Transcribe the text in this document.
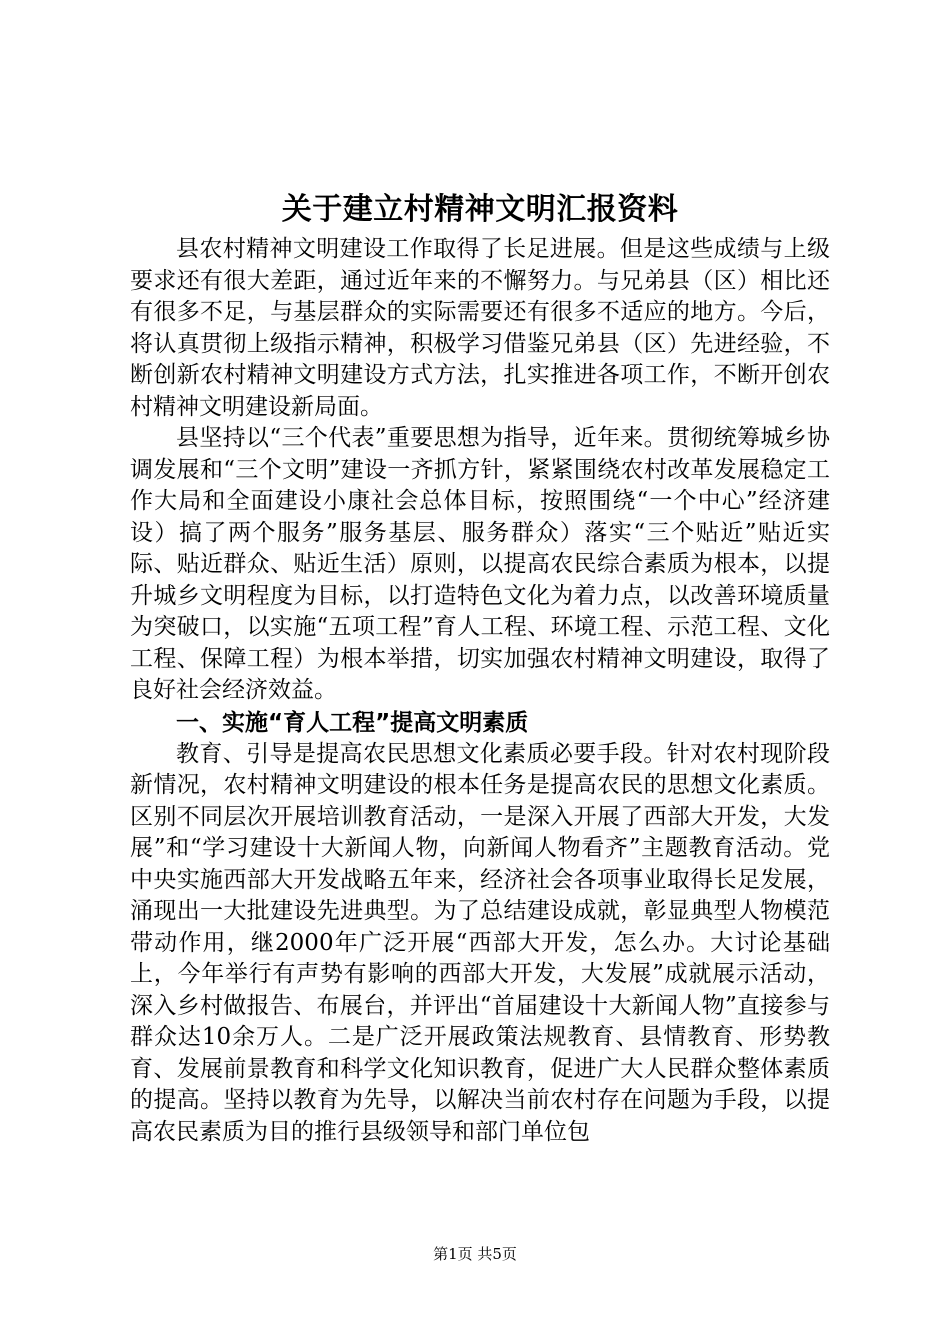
关于建立村精神文明汇报资料

县农村精神文明建设工作取得了长足进展。但是这些成绩与上级要求还有很大差距，通过近年来的不懈努力。与兄弟县（区）相比还有很多不足，与基层群众的实际需要还有很多不适应的地方。今后，将认真贯彻上级指示精神，积极学习借鉴兄弟县（区）先进经验，不断创新农村精神文明建设方式方法，扎实推进各项工作，不断开创农村精神文明建设新局面。

县坚持以“三个代表”重要思想为指导，近年来。贯彻统筹城乡协调发展和“三个文明”建设一齐抓方针，紧紧围绕农村改革发展稳定工作大局和全面建设小康社会总体目标，按照围绕“一个中心”经济建设）搞了两个服务”服务基层、服务群众）落实“三个贴近”贴近实际、贴近群众、贴近生活）原则，以提高农民综合素质为根本，以提升城乡文明程度为目标，以打造特色文化为着力点，以改善环境质量为突破口，以实施“五项工程”育人工程、环境工程、示范工程、文化工程、保障工程）为根本举措，切实加强农村精神文明建设，取得了良好社会经济效益。

一、实施“育人工程”提高文明素质

教育、引导是提高农民思想文化素质必要手段。针对农村现阶段新情况，农村精神文明建设的根本任务是提高农民的思想文化素质。区别不同层次开展培训教育活动，一是深入开展了西部大开发，大发展”和“学习建设十大新闻人物，向新闻人物看齐”主题教育活动。党中央实施西部大开发战略五年来，经济社会各项事业取得长足发展，涌现出一大批建设先进典型。为了总结建设成就，彰显典型人物模范带动作用，继2000年广泛开展“西部大开发，怎么办。大讨论基础上，今年举行有声势有影响的西部大开发，大发展”成就展示活动，深入乡村做报告、布展台，并评出“首届建设十大新闻人物”直接参与群众达10余万人。二是广泛开展政策法规教育、县情教育、形势教育、发展前景教育和科学文化知识教育，促进广大人民群众整体素质的提高。坚持以教育为先导，以解决当前农村存在问题为手段，以提高农民素质为目的推行县级领导和部门单位包

第1页 共5页
